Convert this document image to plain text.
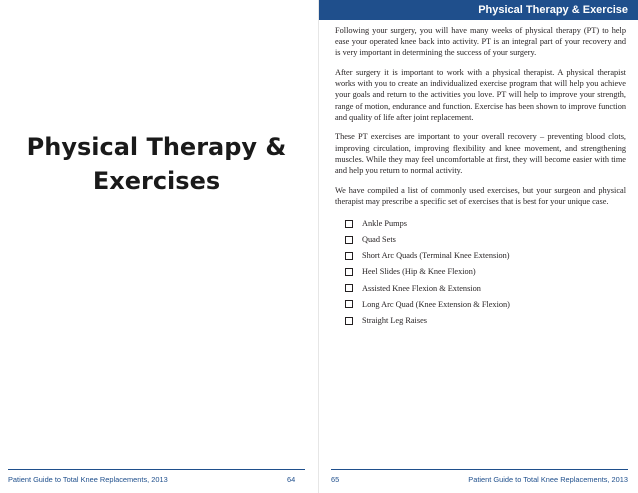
Physical Therapy &
Exercises
Patient Guide to Total Knee Replacements, 2013	64
Physical Therapy & Exercise

Following your surgery, you will have many weeks of physical therapy (PT) to help ease your operated knee back into activity. PT is an integral part of your recovery and is very important in determining the success of your surgery.

After surgery it is important to work with a physical therapist. A physical therapist works with you to create an individualized exercise program that will help you achieve your goals and return to the activities you love. PT will help to improve your strength, range of motion, endurance and function. Exercise has been shown to improve function and quality of life after joint replacement.

These PT exercises are important to your overall recovery – preventing blood clots, improving circulation, improving flexibility and knee movement, and strengthening muscles. While they may feel uncomfortable at first, they will become easier with time and help you return to normal activity.

We have compiled a list of commonly used exercises, but your surgeon and physical therapist may prescribe a specific set of exercises that is best for your unique case.

Ankle Pumps
Quad Sets
Short Arc Quads (Terminal Knee Extension)
Heel Slides (Hip & Knee Flexion)
Assisted Knee Flexion & Extension
Long Arc Quad (Knee Extension & Flexion)
Straight Leg Raises
65	Patient Guide to Total Knee Replacements, 2013
